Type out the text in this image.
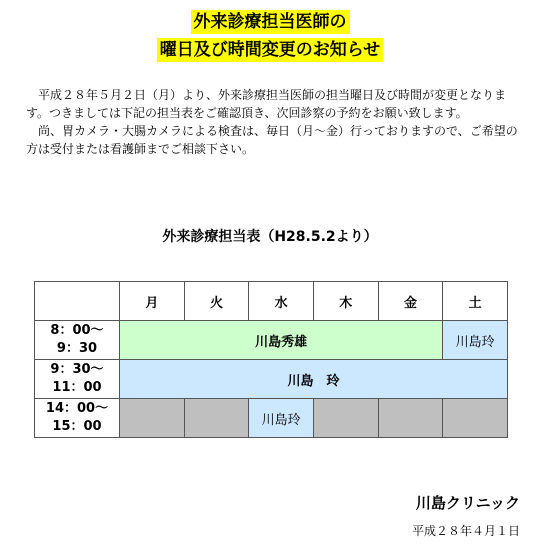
外来診療担当医師の
曜日及び時間変更のお知らせ

平成２８年５月２日（月）より、外来診療担当医師の担当曜日及び時間が変更となります。つきましては下記の担当表をご確認頂き、次回診察の予約をお願い致します。

尚、胃カメラ・大腸カメラによる検査は、毎日（月〜金）行っておりますので、ご希望の方は受付または看護師までご相談下さい。

外来診療担当表（H28.5.2より）
	月	火	水	木	金	土

8：00〜
9：30	川島秀雄					川島玲

9：30〜
11：00	川島　玲					

14：00〜
15：00			川島玲			
川島クリニック
平成２８年４月１日
